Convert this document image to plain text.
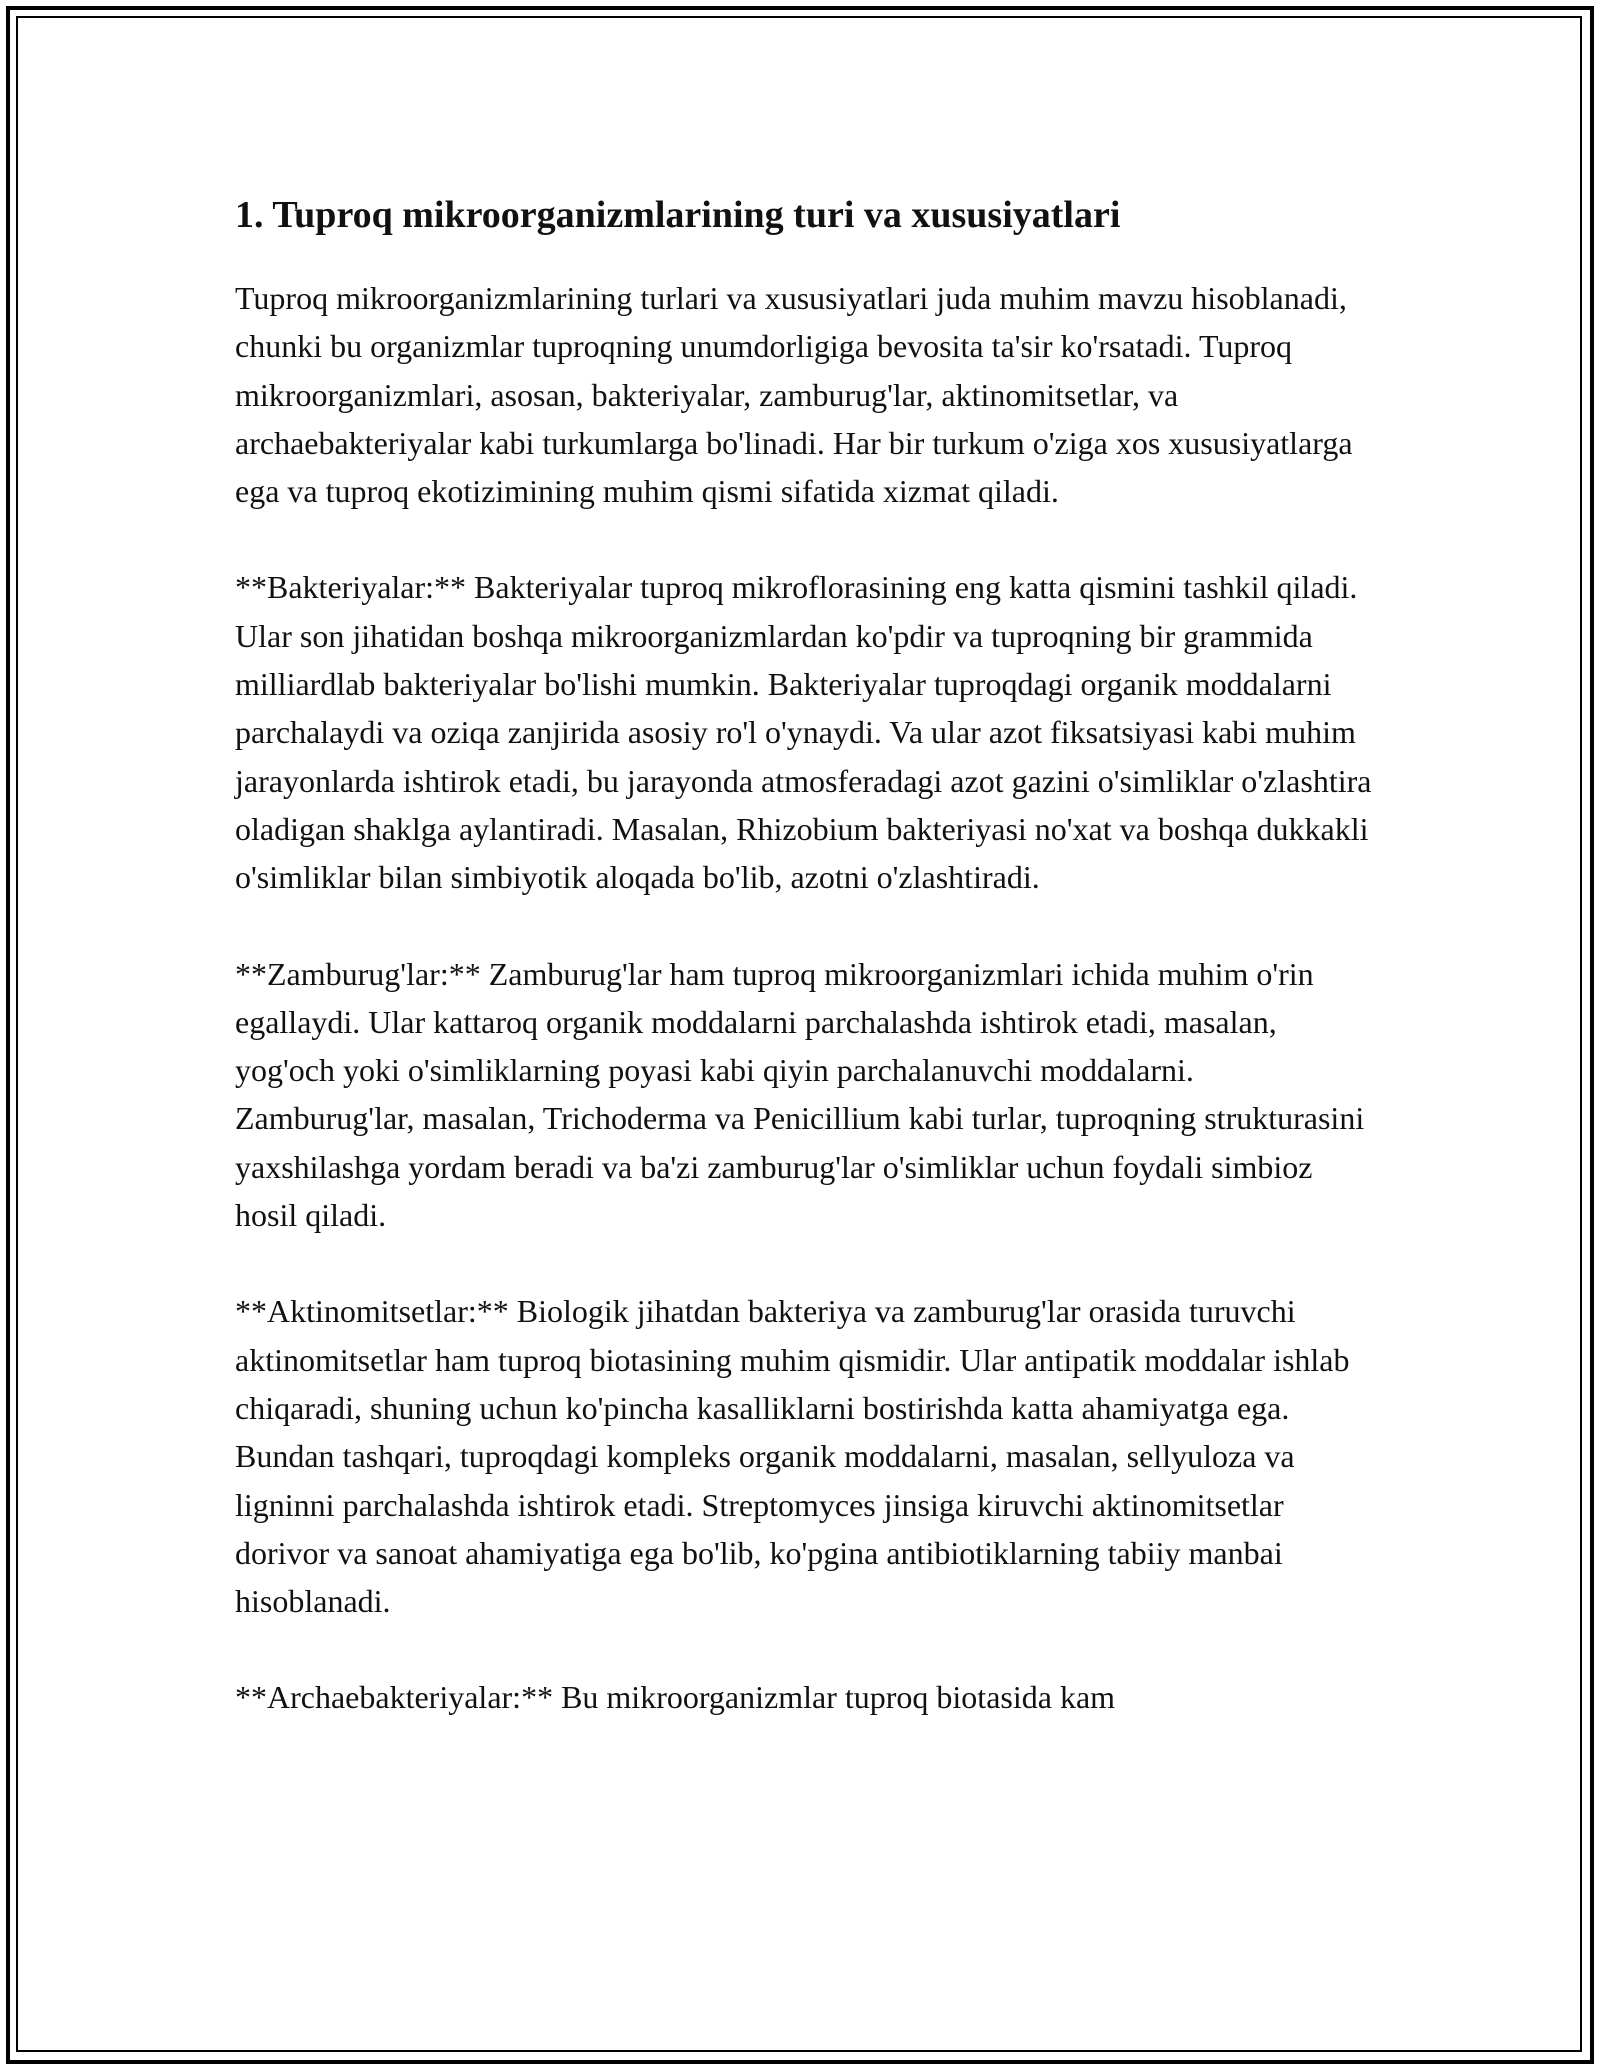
1. Tuproq mikroorganizmlarining turi va xususiyatlari

Tuproq mikroorganizmlarining turlari va xususiyatlari juda muhim mavzu hisoblanadi, chunki bu organizmlar tuproqning unumdorligiga bevosita ta'sir ko'rsatadi. Tuproq mikroorganizmlari, asosan, bakteriyalar, zamburug'lar, aktinomitsetlar, va archaebakteriyalar kabi turkumlarga bo'linadi. Har bir turkum o'ziga xos xususiyatlarga ega va tuproq ekotizimining muhim qismi sifatida xizmat qiladi.

**Bakteriyalar:** Bakteriyalar tuproq mikroflorasining eng katta qismini tashkil qiladi. Ular son jihatidan boshqa mikroorganizmlardan ko'pdir va tuproqning bir grammida milliardlab bakteriyalar bo'lishi mumkin. Bakteriyalar tuproqdagi organik moddalarni parchalaydi va oziqa zanjirida asosiy ro'l o'ynaydi. Va ular azot fiksatsiyasi kabi muhim jarayonlarda ishtirok etadi, bu jarayonda atmosferadagi azot gazini o'simliklar o'zlashtira oladigan shaklga aylantiradi. Masalan, Rhizobium bakteriyasi no'xat va boshqa dukkakli o'simliklar bilan simbiyotik aloqada bo'lib, azotni o'zlashtiradi.

**Zamburug'lar:** Zamburug'lar ham tuproq mikroorganizmlari ichida muhim o'rin egallaydi. Ular kattaroq organik moddalarni parchalashda ishtirok etadi, masalan, yog'och yoki o'simliklarning poyasi kabi qiyin parchalanuvchi moddalarni. Zamburug'lar, masalan, Trichoderma va Penicillium kabi turlar, tuproqning strukturasini yaxshilashga yordam beradi va ba'zi zamburug'lar o'simliklar uchun foydali simbioz hosil qiladi.

**Aktinomitsetlar:** Biologik jihatdan bakteriya va zamburug'lar orasida turuvchi aktinomitsetlar ham tuproq biotasining muhim qismidir. Ular antipatik moddalar ishlab chiqaradi, shuning uchun ko'pincha kasalliklarni bostirishda katta ahamiyatga ega. Bundan tashqari, tuproqdagi kompleks organik moddalarni, masalan, sellyuloza va ligninni parchalashda ishtirok etadi. Streptomyces jinsiga kiruvchi aktinomitsetlar dorivor va sanoat ahamiyatiga ega bo'lib, ko'pgina antibiotiklarning tabiiy manbai hisoblanadi.

**Archaebakteriyalar:** Bu mikroorganizmlar tuproq biotasida kam
